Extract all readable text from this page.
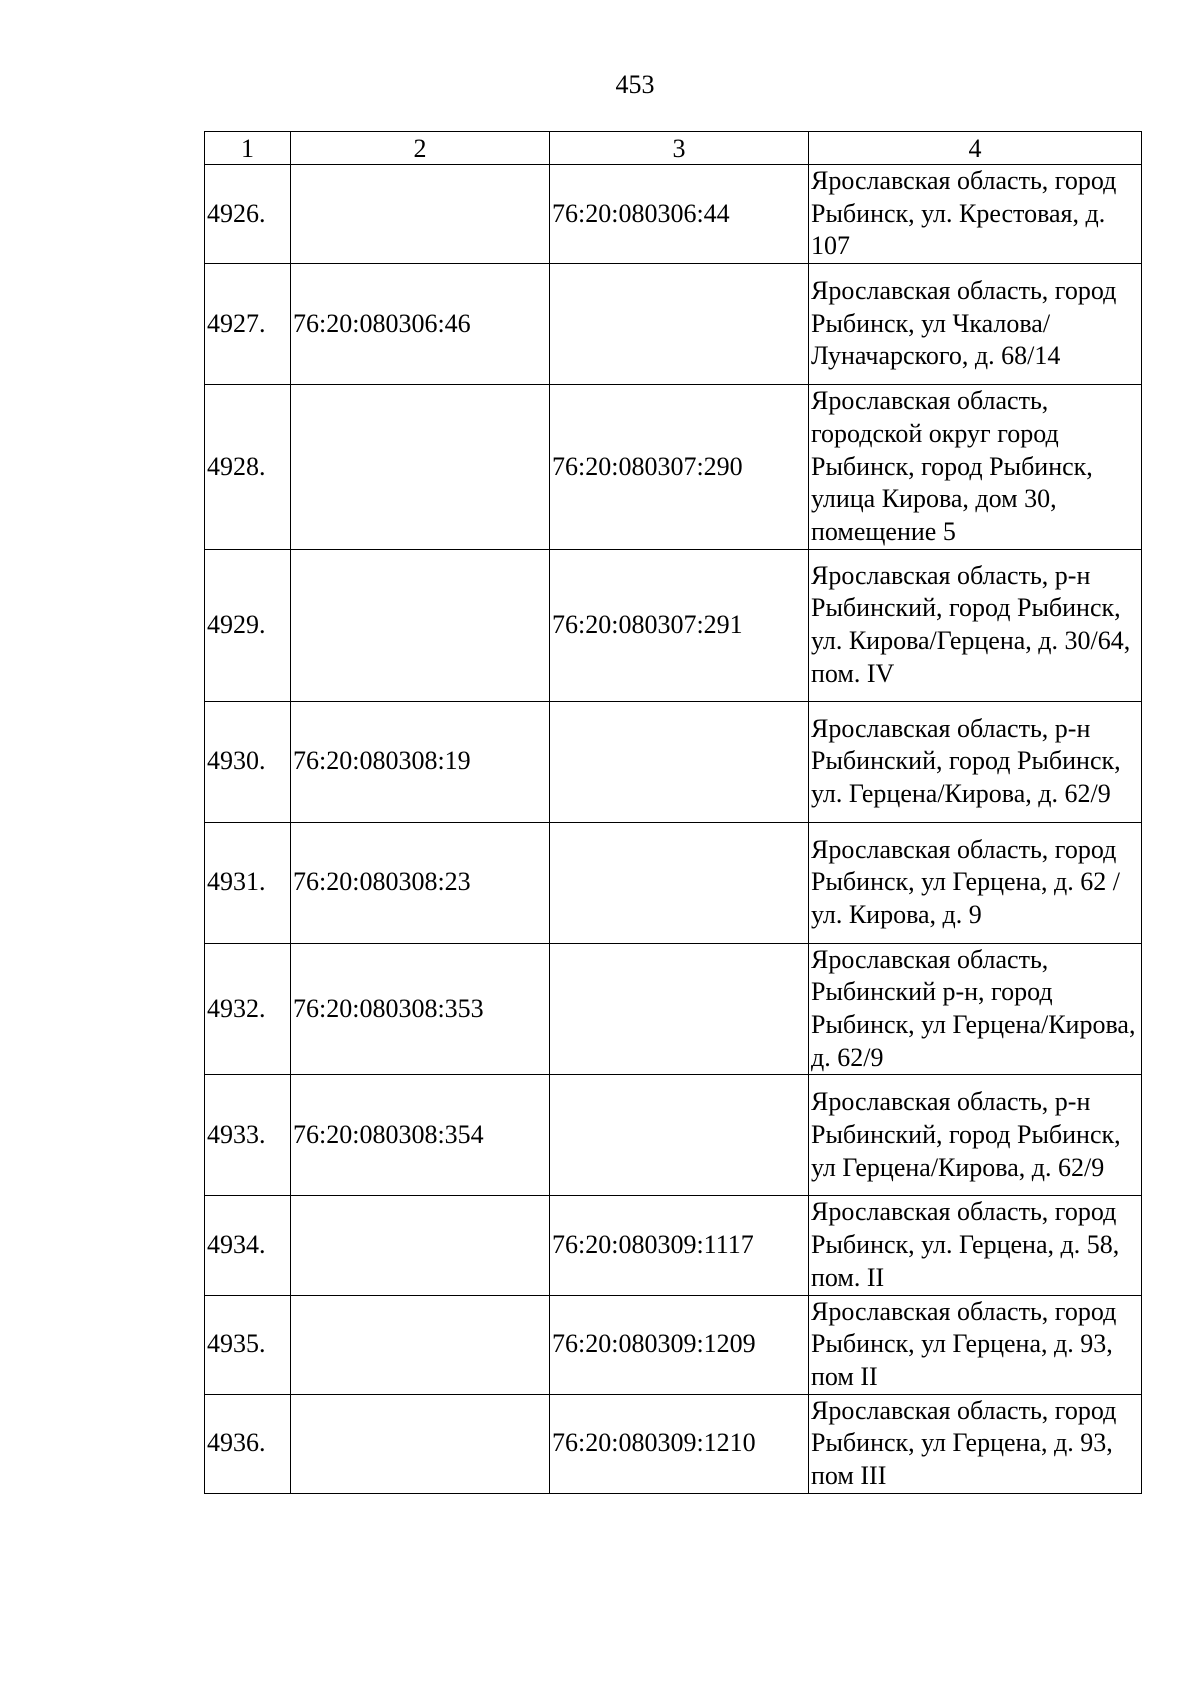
453
1	2	3	4
4926.		76:20:080306:44	Ярославская область, город Рыбинск, ул. Крестовая, д. 107
4927.	76:20:080306:46		Ярославская область, город Рыбинск, ул Чкалова/Луначарского, д. 68/14
4928.		76:20:080307:290	Ярославская область, городской округ город Рыбинск, город Рыбинск, улица Кирова, дом 30, помещение 5
4929.		76:20:080307:291	Ярославская область, р-н Рыбинский, город Рыбинск, ул. Кирова/Герцена, д. 30/64, пом. IV
4930.	76:20:080308:19		Ярославская область, р-н Рыбинский, город Рыбинск, ул. Герцена/Кирова, д. 62/9
4931.	76:20:080308:23		Ярославская область, город Рыбинск, ул Герцена, д. 62 / ул. Кирова, д. 9
4932.	76:20:080308:353		Ярославская область, Рыбинский р-н, город Рыбинск, ул Герцена/Кирова, д. 62/9
4933.	76:20:080308:354		Ярославская область, р-н Рыбинский, город Рыбинск, ул Герцена/Кирова, д. 62/9
4934.		76:20:080309:1117	Ярославская область, город Рыбинск, ул. Герцена, д. 58, пом. II
4935.		76:20:080309:1209	Ярославская область, город Рыбинск, ул Герцена, д. 93, пом II
4936.		76:20:080309:1210	Ярославская область, город Рыбинск, ул Герцена, д. 93, пом III
